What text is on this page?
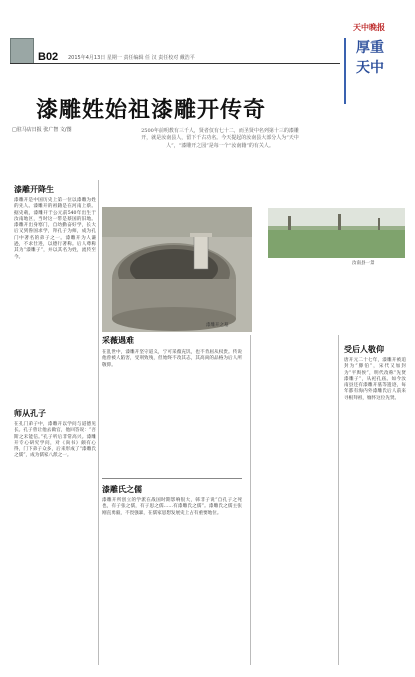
B02 2015年4月13日 星期一 责任编辑 任 汉 责任校对 戴浩平
天中晚报
厚重
天中
漆雕姓始祖漆雕开传奇
□驻马店日报 张广智 文/图	2500年前明教有三千人，贤者仅有七十二，而圣贤中名列第十三的漆雕开，就是汝南县人，留下千古功名。今天提起的汝南县大部分人为“天中人”，“漆雕开之园”是每一个“汝南籍”的有关人。
漆雕开之墓
汝南县一景
漆雕开降生
漆雕开是中国历史上第一位以漆雕为姓的先人。漆雕开的祖籍是在河南上蔡。据史载，漆雕开于公元前540年出生于汝南地区，当时这一带是蔡国的旧地。漆雕开出身寒门，自幼勤奋好学，长大后又到鲁国求学，拜孔子为师，成为孔门中著名的弟子之一。漆雕开为人谦逊，不求仕进，以德行著称。后人尊称其为“漆雕子”，并以其名为姓，流传至今。
师从孔子
在孔门弟子中，漆雕开以学问与道德见长。孔子曾让他去做官，他回答说：“吾斯之未能信。”孔子听后非常高兴。漆雕开专心研究学问，对《尚书》颇有心得，门下弟子众多，后来形成了“漆雕氏之儒”，成为儒家八派之一。
采薇遇难
在乱世中，漆雕开坚守道义，宁可采薇充饥，也不肯屈从权贵。传说他曾被人陷害，受刑致残，但始终不改其志，其高尚的品格为后人所敬仰。
漆雕氏之儒
漆雕开所创立的学派在战国时期影响很大，韩非子说“自孔子之死也，有子张之儒，有子思之儒……有漆雕氏之儒”。漆雕氏之儒主张刚直勇毅，不畏强暴，在儒家思想发展史上占有重要地位。
受后人敬仰
唐开元二十七年，漆雕开被追封为“滕伯”，宋代又加封为“平舆侯”，明代改称“先贤漆雕子”，从祀孔庙。如今汝南县还有漆雕开墓等遗迹，每年都有海内外漆雕氏后人前来寻根拜祖，缅怀这位先贤。
